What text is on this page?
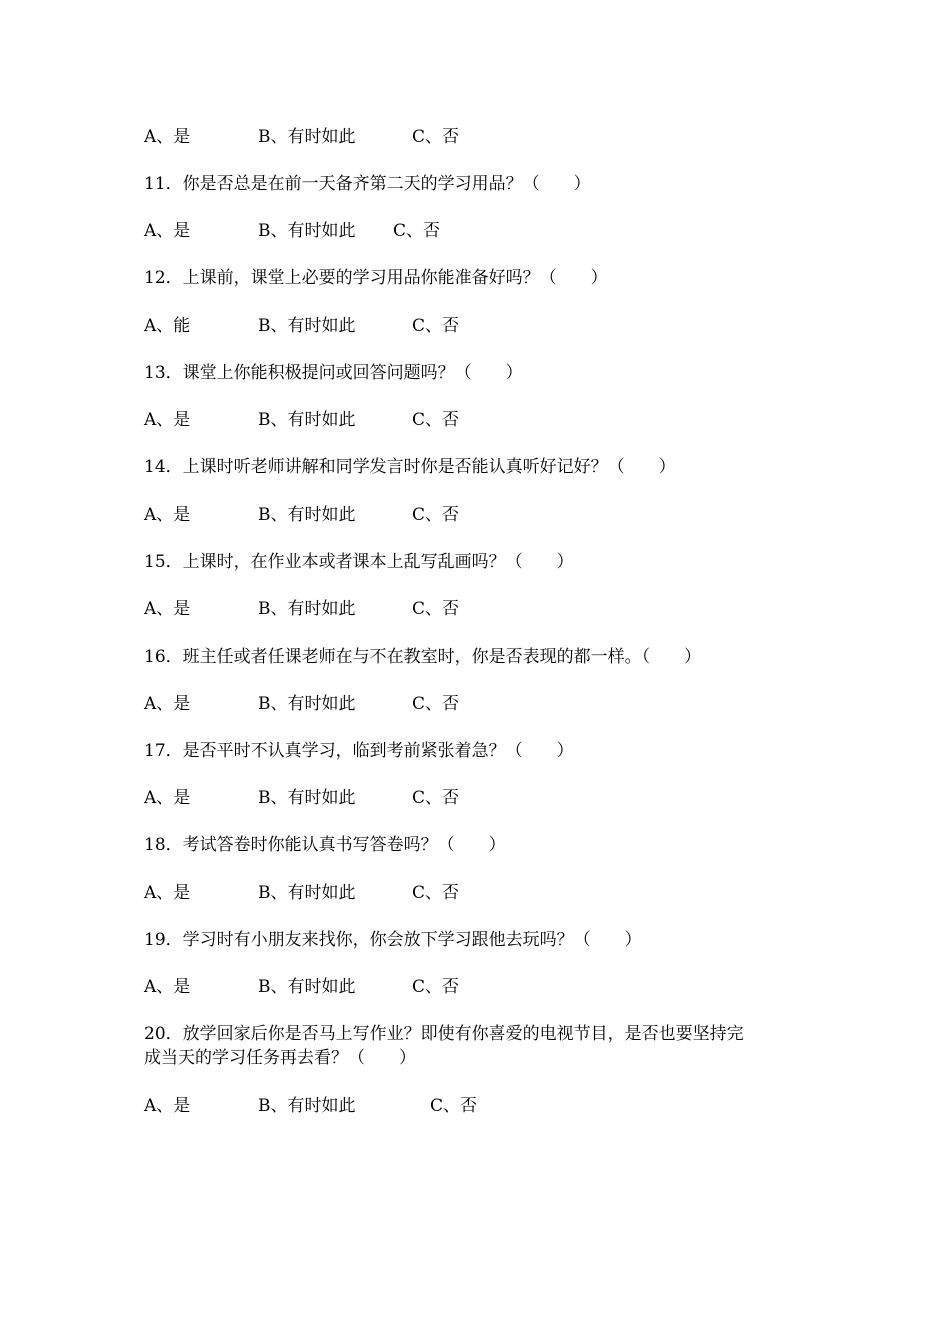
A、是	B、有时如此	C、否
11．你是否总是在前一天备齐第二天的学习用品？（　　）
A、是	B、有时如此 C、否
12．上课前，课堂上必要的学习用品你能准备好吗？（　　）
A、能	B、有时如此	C、否
13．课堂上你能积极提问或回答问题吗？（　　）
A、是	B、有时如此	C、否
14．上课时听老师讲解和同学发言时你是否能认真听好记好？（　　）
A、是	B、有时如此	C、否
15．上课时，在作业本或者课本上乱写乱画吗？（　　）
A、是	B、有时如此	C、否
16．班主任或者任课老师在与不在教室时，你是否表现的都一样。（　　）
A、是	B、有时如此	C、否
17．是否平时不认真学习，临到考前紧张着急？（　　）
A、是	B、有时如此	C、否
18．考试答卷时你能认真书写答卷吗？（　　）
A、是	B、有时如此	C、否
19．学习时有小朋友来找你，你会放下学习跟他去玩吗？（　　）
A、是	B、有时如此	C、否
20．放学回家后你是否马上写作业？即使有你喜爱的电视节目，是否也要坚持完
成当天的学习任务再去看？（　　）
A、是	B、有时如此	C、否
